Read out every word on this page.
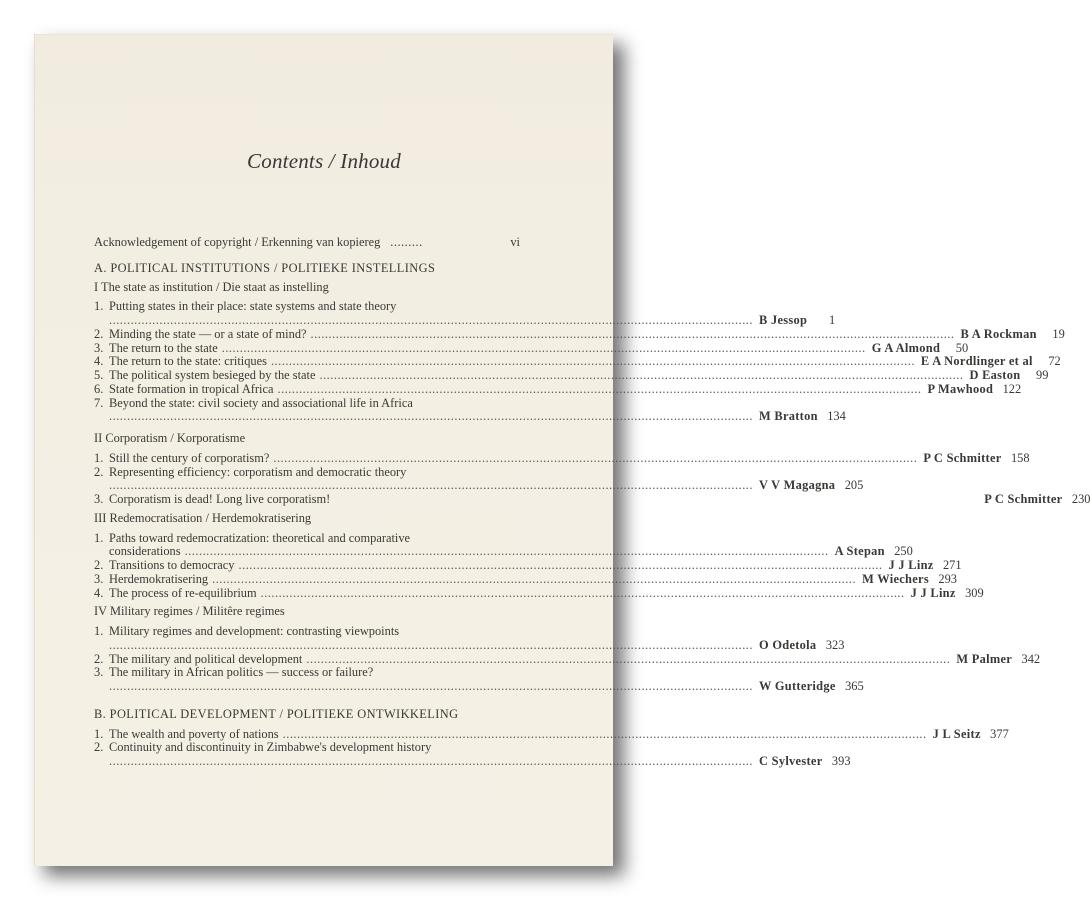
Contents / Inhoud
Acknowledgement of copyright / Erkenning van kopiereg .........	vi
A. POLITICAL INSTITUTIONS / POLITIEKE INSTELLINGS
I The state as institution / Die staat as instelling
1. Putting states in their place: state systems and state theory
................................................................................................................................................................................... B Jessop	1
2. Minding the state — or a state of mind? ................................................................................................................................................................................... B A Rockman	19
3. The return to the state ................................................................................................................................................................................... G A Almond	50
4. The return to the state: critiques ................................................................................................................................................................................... E A Nordlinger et al	72
5. The political system besieged by the state ................................................................................................................................................................................... D Easton	99
6. State formation in tropical Africa ................................................................................................................................................................................... P Mawhood 122
7. Beyond the state: civil society and associational life in Africa
................................................................................................................................................................................... M Bratton 134
II Corporatism / Korporatisme
1. Still the century of corporatism? ................................................................................................................................................................................... P C Schmitter 158
2. Representing efficiency: corporatism and democratic theory
................................................................................................................................................................................... V V Magagna 205
3. Corporatism is dead! Long live corporatism!	P C Schmitter 230
III Redemocratisation / Herdemokratisering
1. Paths toward redemocratization: theoretical and comparative
considerations ................................................................................................................................................................................... A Stepan 250
2. Transitions to democracy ................................................................................................................................................................................... J J Linz 271
3. Herdemokratisering ................................................................................................................................................................................... M Wiechers 293
4. The process of re-equilibrium ................................................................................................................................................................................... J J Linz 309
IV Military regimes / Militêre regimes
1. Military regimes and development: contrasting viewpoints
................................................................................................................................................................................... O Odetola 323
2. The military and political development ................................................................................................................................................................................... M Palmer 342
3. The military in African politics — success or failure?
................................................................................................................................................................................... W Gutteridge 365
B. POLITICAL DEVELOPMENT / POLITIEKE ONTWIKKELING
1. The wealth and poverty of nations ................................................................................................................................................................................... J L Seitz 377
2. Continuity and discontinuity in Zimbabwe's development history
................................................................................................................................................................................... C Sylvester 393
